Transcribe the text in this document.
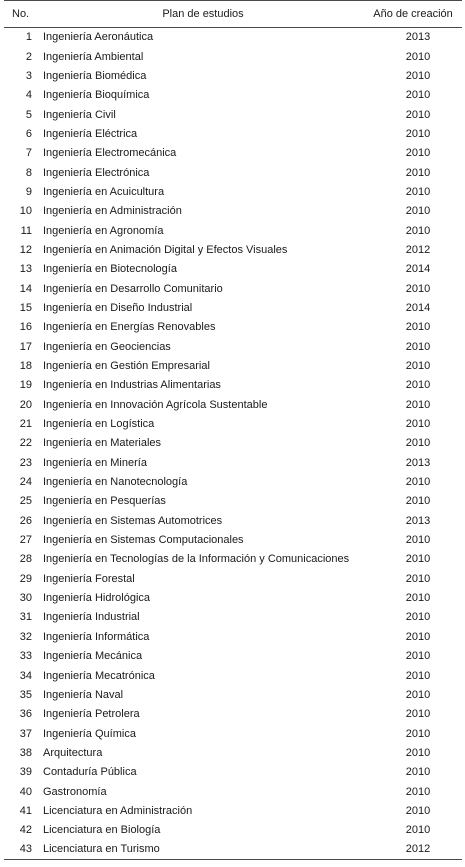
No.	Plan de estudios	Año de creación
1	Ingeniería Aeronáutica	2013
2	Ingeniería Ambiental	2010
3	Ingeniería Biomédica	2010
4	Ingeniería Bioquímica	2010
5	Ingeniería Civil	2010
6	Ingeniería Eléctrica	2010
7	Ingeniería Electromecánica	2010
8	Ingeniería Electrónica	2010
9	Ingeniería en Acuicultura	2010
10	Ingeniería en Administración	2010
11	Ingeniería en Agronomía	2010
12	Ingeniería en Animación Digital y Efectos Visuales	2012
13	Ingeniería en Biotecnología	2014
14	Ingeniería en Desarrollo Comunitario	2010
15	Ingeniería en Diseño Industrial	2014
16	Ingeniería en Energías Renovables	2010
17	Ingeniería en Geociencias	2010
18	Ingeniería en Gestión Empresarial	2010
19	Ingeniería en Industrias Alimentarias	2010
20	Ingeniería en Innovación Agrícola Sustentable	2010
21	Ingeniería en Logística	2010
22	Ingeniería en Materiales	2010
23	Ingeniería en Minería	2013
24	Ingeniería en Nanotecnología	2010
25	Ingeniería en Pesquerías	2010
26	Ingeniería en Sistemas Automotrices	2013
27	Ingeniería en Sistemas Computacionales	2010
28	Ingeniería en Tecnologías de la Información y Comunicaciones	2010
29	Ingeniería Forestal	2010
30	Ingeniería Hidrológica	2010
31	Ingeniería Industrial	2010
32	Ingeniería Informática	2010
33	Ingeniería Mecánica	2010
34	Ingeniería Mecatrónica	2010
35	Ingeniería Naval	2010
36	Ingeniería Petrolera	2010
37	Ingeniería Química	2010
38	Arquitectura	2010
39	Contaduría Pública	2010
40	Gastronomía	2010
41	Licenciatura en Administración	2010
42	Licenciatura en Biología	2010
43	Licenciatura en Turismo	2012
